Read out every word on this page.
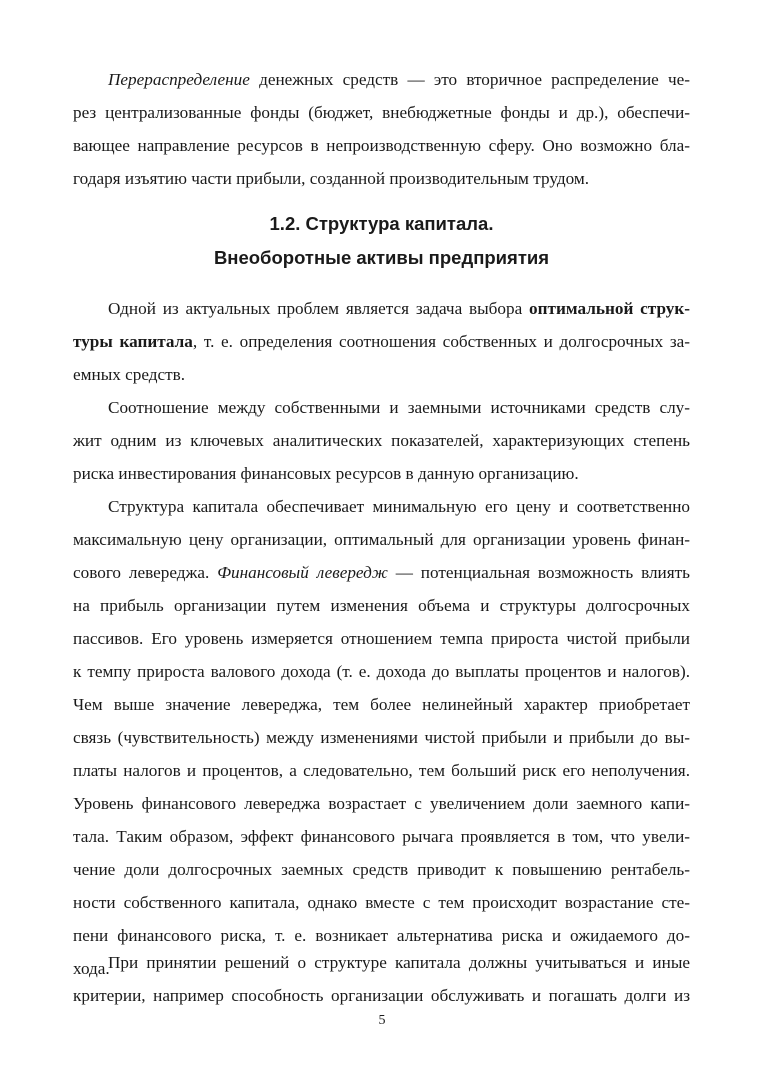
Перераспределение денежных средств — это вторичное распределение че-
рез централизованные фонды (бюджет, внебюджетные фонды и др.), обеспечи-
вающее направление ресурсов в непроизводственную сферу. Оно возможно бла-
годаря изъятию части прибыли, созданной производительным трудом.
1.2. Структура капитала.
Внеоборотные активы предприятия
Одной из актуальных проблем является задача выбора оптимальной струк-
туры капитала, т. е. определения соотношения собственных и долгосрочных за-
емных средств.
Соотношение между собственными и заемными источниками средств слу-
жит одним из ключевых аналитических показателей, характеризующих степень
риска инвестирования финансовых ресурсов в данную организацию.
Структура капитала обеспечивает минимальную его цену и соответственно
максимальную цену организации, оптимальный для организации уровень финан-
сового левереджа. Финансовый левередж — потенциальная возможность влиять
на прибыль организации путем изменения объема и структуры долгосрочных
пассивов. Его уровень измеряется отношением темпа прироста чистой прибыли
к темпу прироста валового дохода (т. е. дохода до выплаты процентов и налогов).
Чем выше значение левереджа, тем более нелинейный характер приобретает
связь (чувствительность) между изменениями чистой прибыли и прибыли до вы-
платы налогов и процентов, а следовательно, тем больший риск его неполучения.
Уровень финансового левереджа возрастает с увеличением доли заемного капи-
тала. Таким образом, эффект финансового рычага проявляется в том, что увели-
чение доли долгосрочных заемных средств приводит к повышению рентабель-
ности собственного капитала, однако вместе с тем происходит возрастание сте-
пени финансового риска, т. е. возникает альтернатива риска и ожидаемого до-
хода.
При принятии решений о структуре капитала должны учитываться и иные
критерии, например способность организации обслуживать и погашать долги из
5
